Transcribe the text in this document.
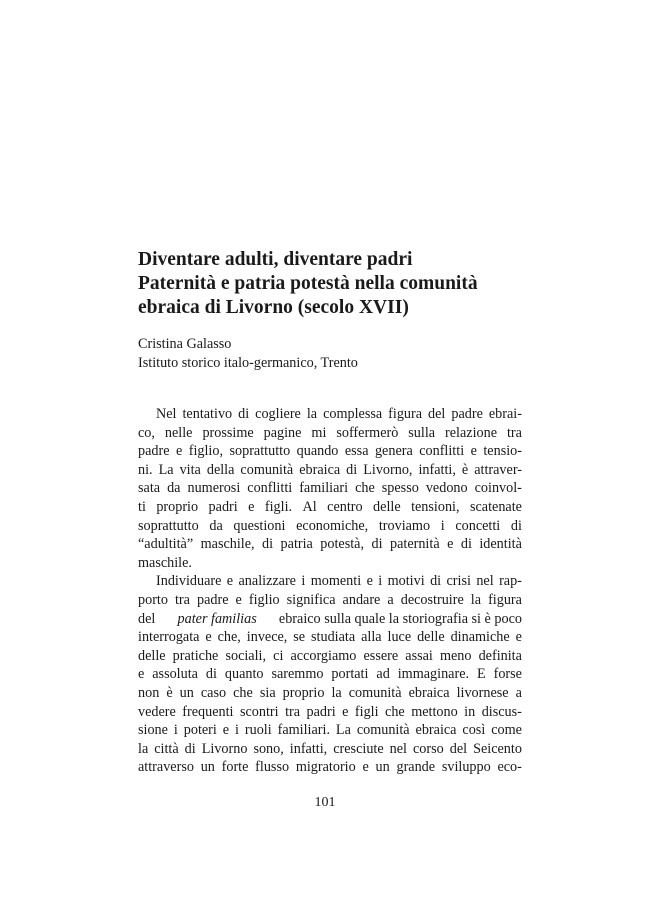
Diventare adulti, diventare padri
Paternità e patria potestà nella comunità
ebraica di Livorno (secolo XVII)
Cristina Galasso
Istituto storico italo-germanico, Trento
Nel tentativo di cogliere la complessa figura del padre ebrai-
co, nelle prossime pagine mi soffermerò sulla relazione tra
padre e figlio, soprattutto quando essa genera conflitti e tensio-
ni. La vita della comunità ebraica di Livorno, infatti, è attraver-
sata da numerosi conflitti familiari che spesso vedono coinvol-
ti proprio padri e figli. Al centro delle tensioni, scatenate
soprattutto da questioni economiche, troviamo i concetti di
“adultità” maschile, di patria potestà, di paternità e di identità
maschile.
Individuare e analizzare i momenti e i motivi di crisi nel rap-
porto tra padre e figlio significa andare a decostruire la figura
del pater familias ebraico sulla quale la storiografia si è poco
interrogata e che, invece, se studiata alla luce delle dinamiche e
delle pratiche sociali, ci accorgiamo essere assai meno definita
e assoluta di quanto saremmo portati ad immaginare. E forse
non è un caso che sia proprio la comunità ebraica livornese a
vedere frequenti scontri tra padri e figli che mettono in discus-
sione i poteri e i ruoli familiari. La comunità ebraica così come
la città di Livorno sono, infatti, cresciute nel corso del Seicento
attraverso un forte flusso migratorio e un grande sviluppo eco-
101
